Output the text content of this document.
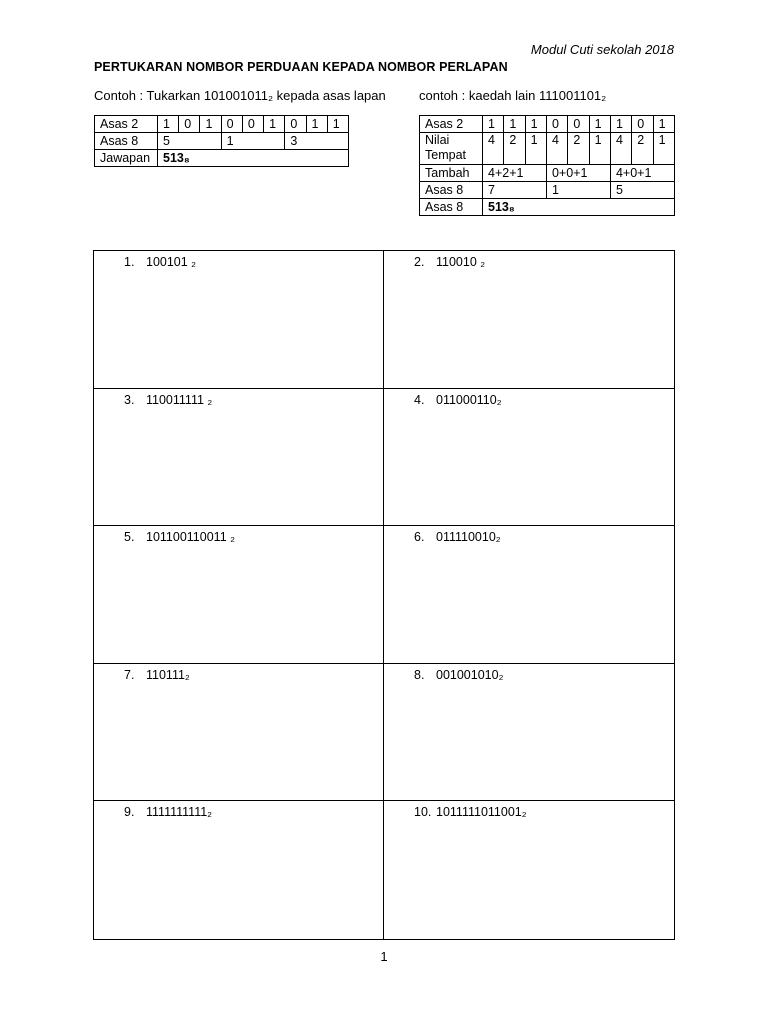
Modul Cuti sekolah 2018
PERTUKARAN NOMBOR PERDUAAN KEPADA NOMBOR PERLAPAN
Contoh : Tukarkan 101001011₂ kepada asas lapan	contoh : kaedah lain 111001101₂
Asas 2	1	0	1	0	0	1	0	1	1
Asas 8	5			1			3		
Jawapan	513₈								
Asas 2	1	1	1	0	0	1	1	0	1
Nilai Tempat	4	2	1	4	2	1	4	2	1
Tambah	4+2+1			0+0+1			4+0+1		
Asas 8	7			1			5		
Asas 8	513₈								
1. 100101 ₂	2. 110010 ₂
3. 110011111 ₂	4. 011000110₂
5. 101100110011 ₂	6. 011110010₂
7. 110111₂	8. 001001010₂
9. 1111111111₂	10. 1011111011001₂
1
